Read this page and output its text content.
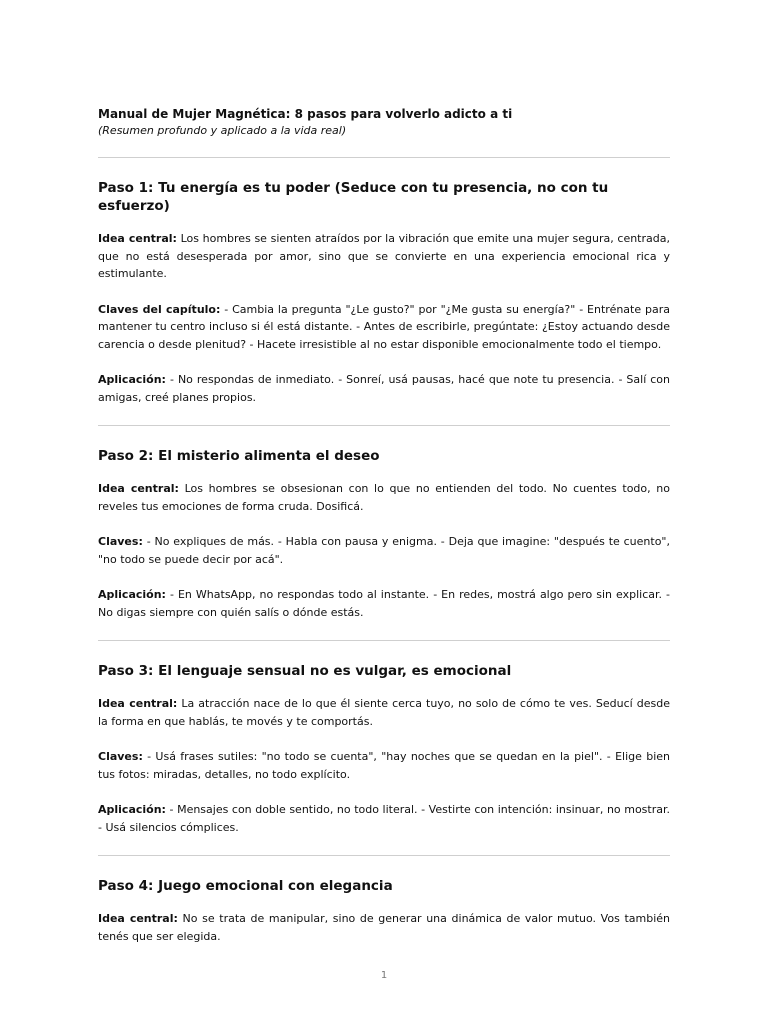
Manual de Mujer Magnética: 8 pasos para volverlo adicto a ti

(Resumen profundo y aplicado a la vida real)

Paso 1: Tu energía es tu poder (Seduce con tu presencia, no con tu esfuerzo)

Idea central: Los hombres se sienten atraídos por la vibración que emite una mujer segura, centrada, que no está desesperada por amor, sino que se convierte en una experiencia emocional rica y estimulante.

Claves del capítulo: - Cambia la pregunta "¿Le gusto?" por "¿Me gusta su energía?" - Entrénate para mantener tu centro incluso si él está distante. - Antes de escribirle, pregúntate: ¿Estoy actuando desde carencia o desde plenitud? - Hacete irresistible al no estar disponible emocionalmente todo el tiempo.

Aplicación: - No respondas de inmediato. - Sonreí, usá pausas, hacé que note tu presencia. - Salí con amigas, creé planes propios.

Paso 2: El misterio alimenta el deseo

Idea central: Los hombres se obsesionan con lo que no entienden del todo. No cuentes todo, no reveles tus emociones de forma cruda. Dosificá.

Claves: - No expliques de más. - Habla con pausa y enigma. - Deja que imagine: "después te cuento", "no todo se puede decir por acá".

Aplicación: - En WhatsApp, no respondas todo al instante. - En redes, mostrá algo pero sin explicar. - No digas siempre con quién salís o dónde estás.

Paso 3: El lenguaje sensual no es vulgar, es emocional

Idea central: La atracción nace de lo que él siente cerca tuyo, no solo de cómo te ves. Seducí desde la forma en que hablás, te movés y te comportás.

Claves: - Usá frases sutiles: "no todo se cuenta", "hay noches que se quedan en la piel". - Elige bien tus fotos: miradas, detalles, no todo explícito.

Aplicación: - Mensajes con doble sentido, no todo literal. - Vestirte con intención: insinuar, no mostrar. - Usá silencios cómplices.

Paso 4: Juego emocional con elegancia

Idea central: No se trata de manipular, sino de generar una dinámica de valor mutuo. Vos también tenés que ser elegida.

1
